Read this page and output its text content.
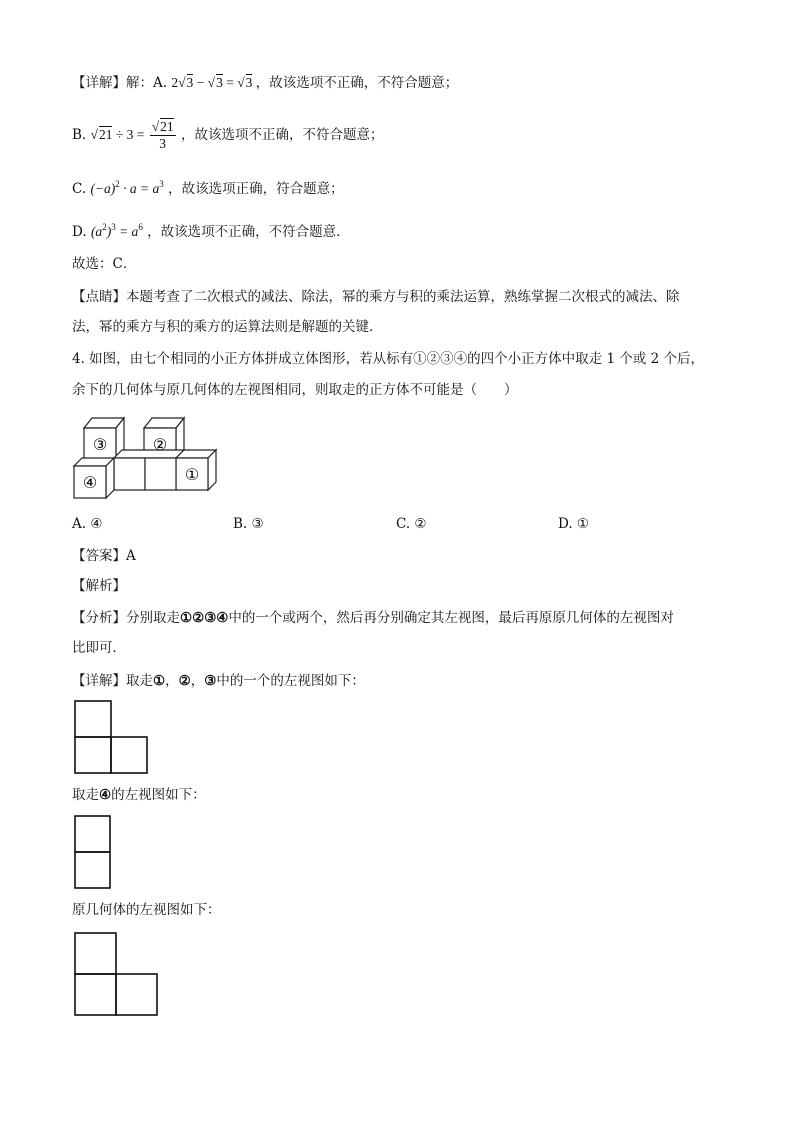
【详解】解：A. 2√3 − √3 = √3 ，故该选项不正确，不符合题意；
B. $√21 \div 3 = \frac{√21}{3}$ ，故该选项不正确，不符合题意；
C. $(-a)^2 \cdot a = a^3$ ，故该选项正确，符合题意；
D. $(a^2)^3 = a^6$ ，故该选项不正确，不符合题意．
故选：C．
【点睛】本题考查了二次根式的减法、除法，幂的乘方与积的乘法运算，熟练掌握二次根式的减法、除
法，幂的乘方与积的乘方的运算法则是解题的关键．
4. 如图，由七个相同的小正方体拼成立体图形，若从标有①②③④的四个小正方体中取走 1 个或 2 个后，
余下的几何体与原几何体的左视图相同，则取走的正方体不可能是（　　）
③	②
①
④
A. ④	B. ③	C. ②	D. ①
【答案】A
【解析】
【分析】分别取走①②③④中的一个或两个，然后再分别确定其左视图，最后再原原几何体的左视图对
比即可．
【详解】取走①，②，③中的一个的左视图如下：
取走④的左视图如下：
原几何体的左视图如下：
